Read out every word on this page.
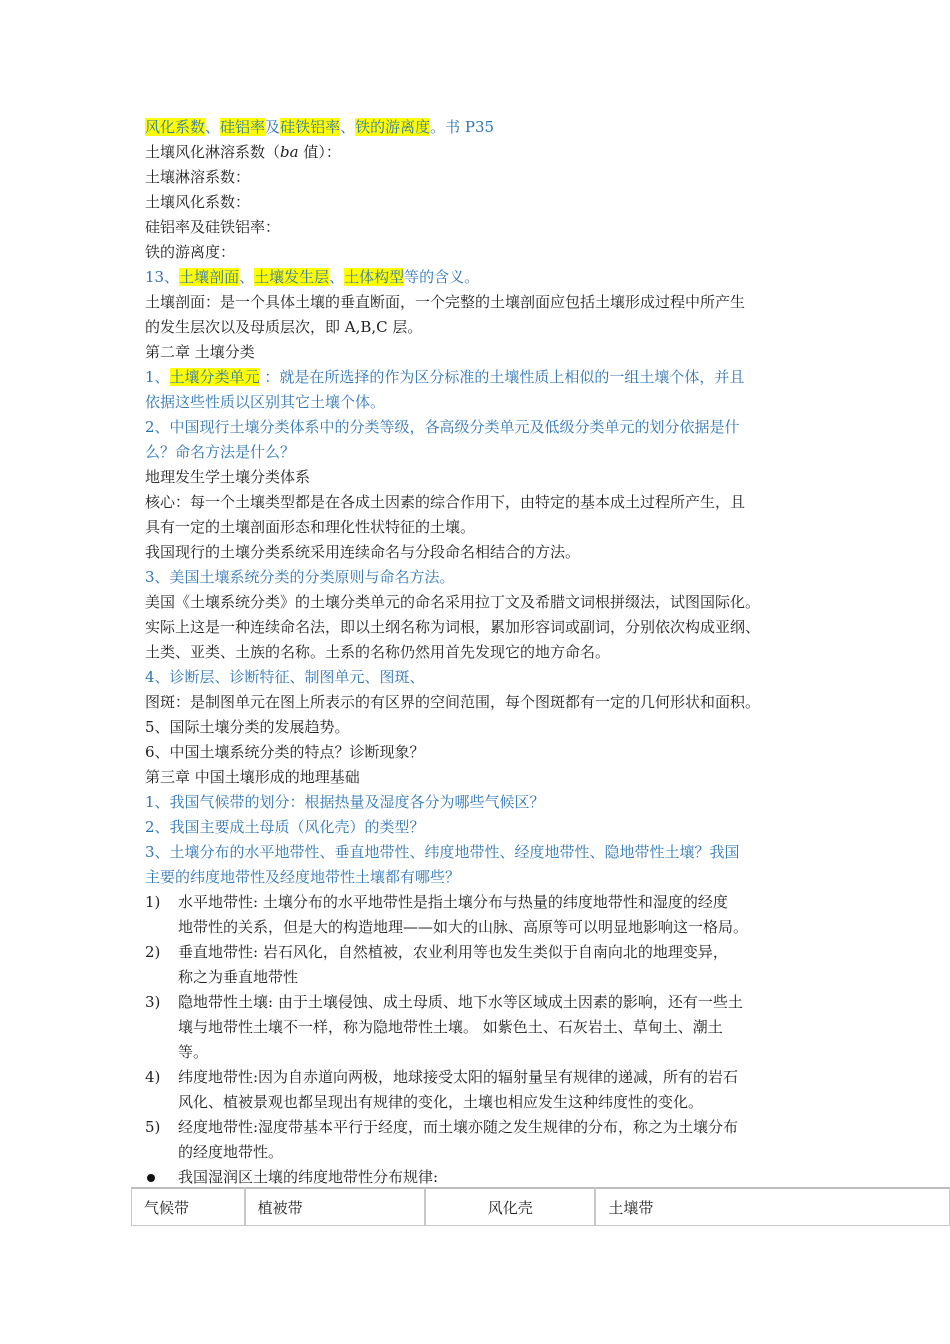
风化系数、硅铝率及硅铁铝率、铁的游离度。书 P35
土壤风化淋溶系数（ba 值）：
土壤淋溶系数：
土壤风化系数：
硅铝率及硅铁铝率：
铁的游离度：
13、土壤剖面、土壤发生层、土体构型等的含义。
土壤剖面：是一个具体土壤的垂直断面，一个完整的土壤剖面应包括土壤形成过程中所产生
的发生层次以及母质层次，即 A,B,C 层。
第二章 土壤分类
1、土壤分类单元 ：就是在所选择的作为区分标准的土壤性质上相似的一组土壤个体，并且
依据这些性质以区别其它土壤个体。
2、中国现行土壤分类体系中的分类等级，各高级分类单元及低级分类单元的划分依据是什
么？命名方法是什么？
地理发生学土壤分类体系
核心：每一个土壤类型都是在各成土因素的综合作用下，由特定的基本成土过程所产生，且
具有一定的土壤剖面形态和理化性状特征的土壤。
我国现行的土壤分类系统采用连续命名与分段命名相结合的方法。
3、美国土壤系统分类的分类原则与命名方法。
美国《土壤系统分类》的土壤分类单元的命名采用拉丁文及希腊文词根拼缀法，试图国际化。
实际上这是一种连续命名法，即以土纲名称为词根，累加形容词或副词，分别依次构成亚纲、
土类、亚类、土族的名称。土系的名称仍然用首先发现它的地方命名。
4、诊断层、诊断特征、制图单元、图斑、
图斑：是制图单元在图上所表示的有区界的空间范围，每个图斑都有一定的几何形状和面积。
5、国际土壤分类的发展趋势。
6、中国土壤系统分类的特点？诊断现象？
第三章 中国土壤形成的地理基础
1、我国气候带的划分：根据热量及湿度各分为哪些气候区？
2、我国主要成土母质（风化壳）的类型？
3、土壤分布的水平地带性、垂直地带性、纬度地带性、经度地带性、隐地带性土壤？我国
主要的纬度地带性及经度地带性土壤都有哪些？
1) 水平地带性: 土壤分布的水平地带性是指土壤分布与热量的纬度地带性和湿度的经度
地带性的关系，但是大的构造地理——如大的山脉、高原等可以明显地影响这一格局。
2) 垂直地带性: 岩石风化，自然植被，农业利用等也发生类似于自南向北的地理变异，
称之为垂直地带性
3) 隐地带性土壤: 由于土壤侵蚀、成土母质、地下水等区域成土因素的影响，还有一些土
壤与地带性土壤不一样，称为隐地带性土壤。 如紫色土、石灰岩土、草甸土、潮土
等。
4) 纬度地带性:因为自赤道向两极，地球接受太阳的辐射量呈有规律的递减，所有的岩石
风化、植被景观也都呈现出有规律的变化，土壤也相应发生这种纬度性的变化。
5) 经度地带性:湿度带基本平行于经度，而土壤亦随之发生规律的分布，称之为土壤分布
的经度地带性。
我国湿润区土壤的纬度地带性分布规律:
气候带	植被带	风化壳	土壤带
